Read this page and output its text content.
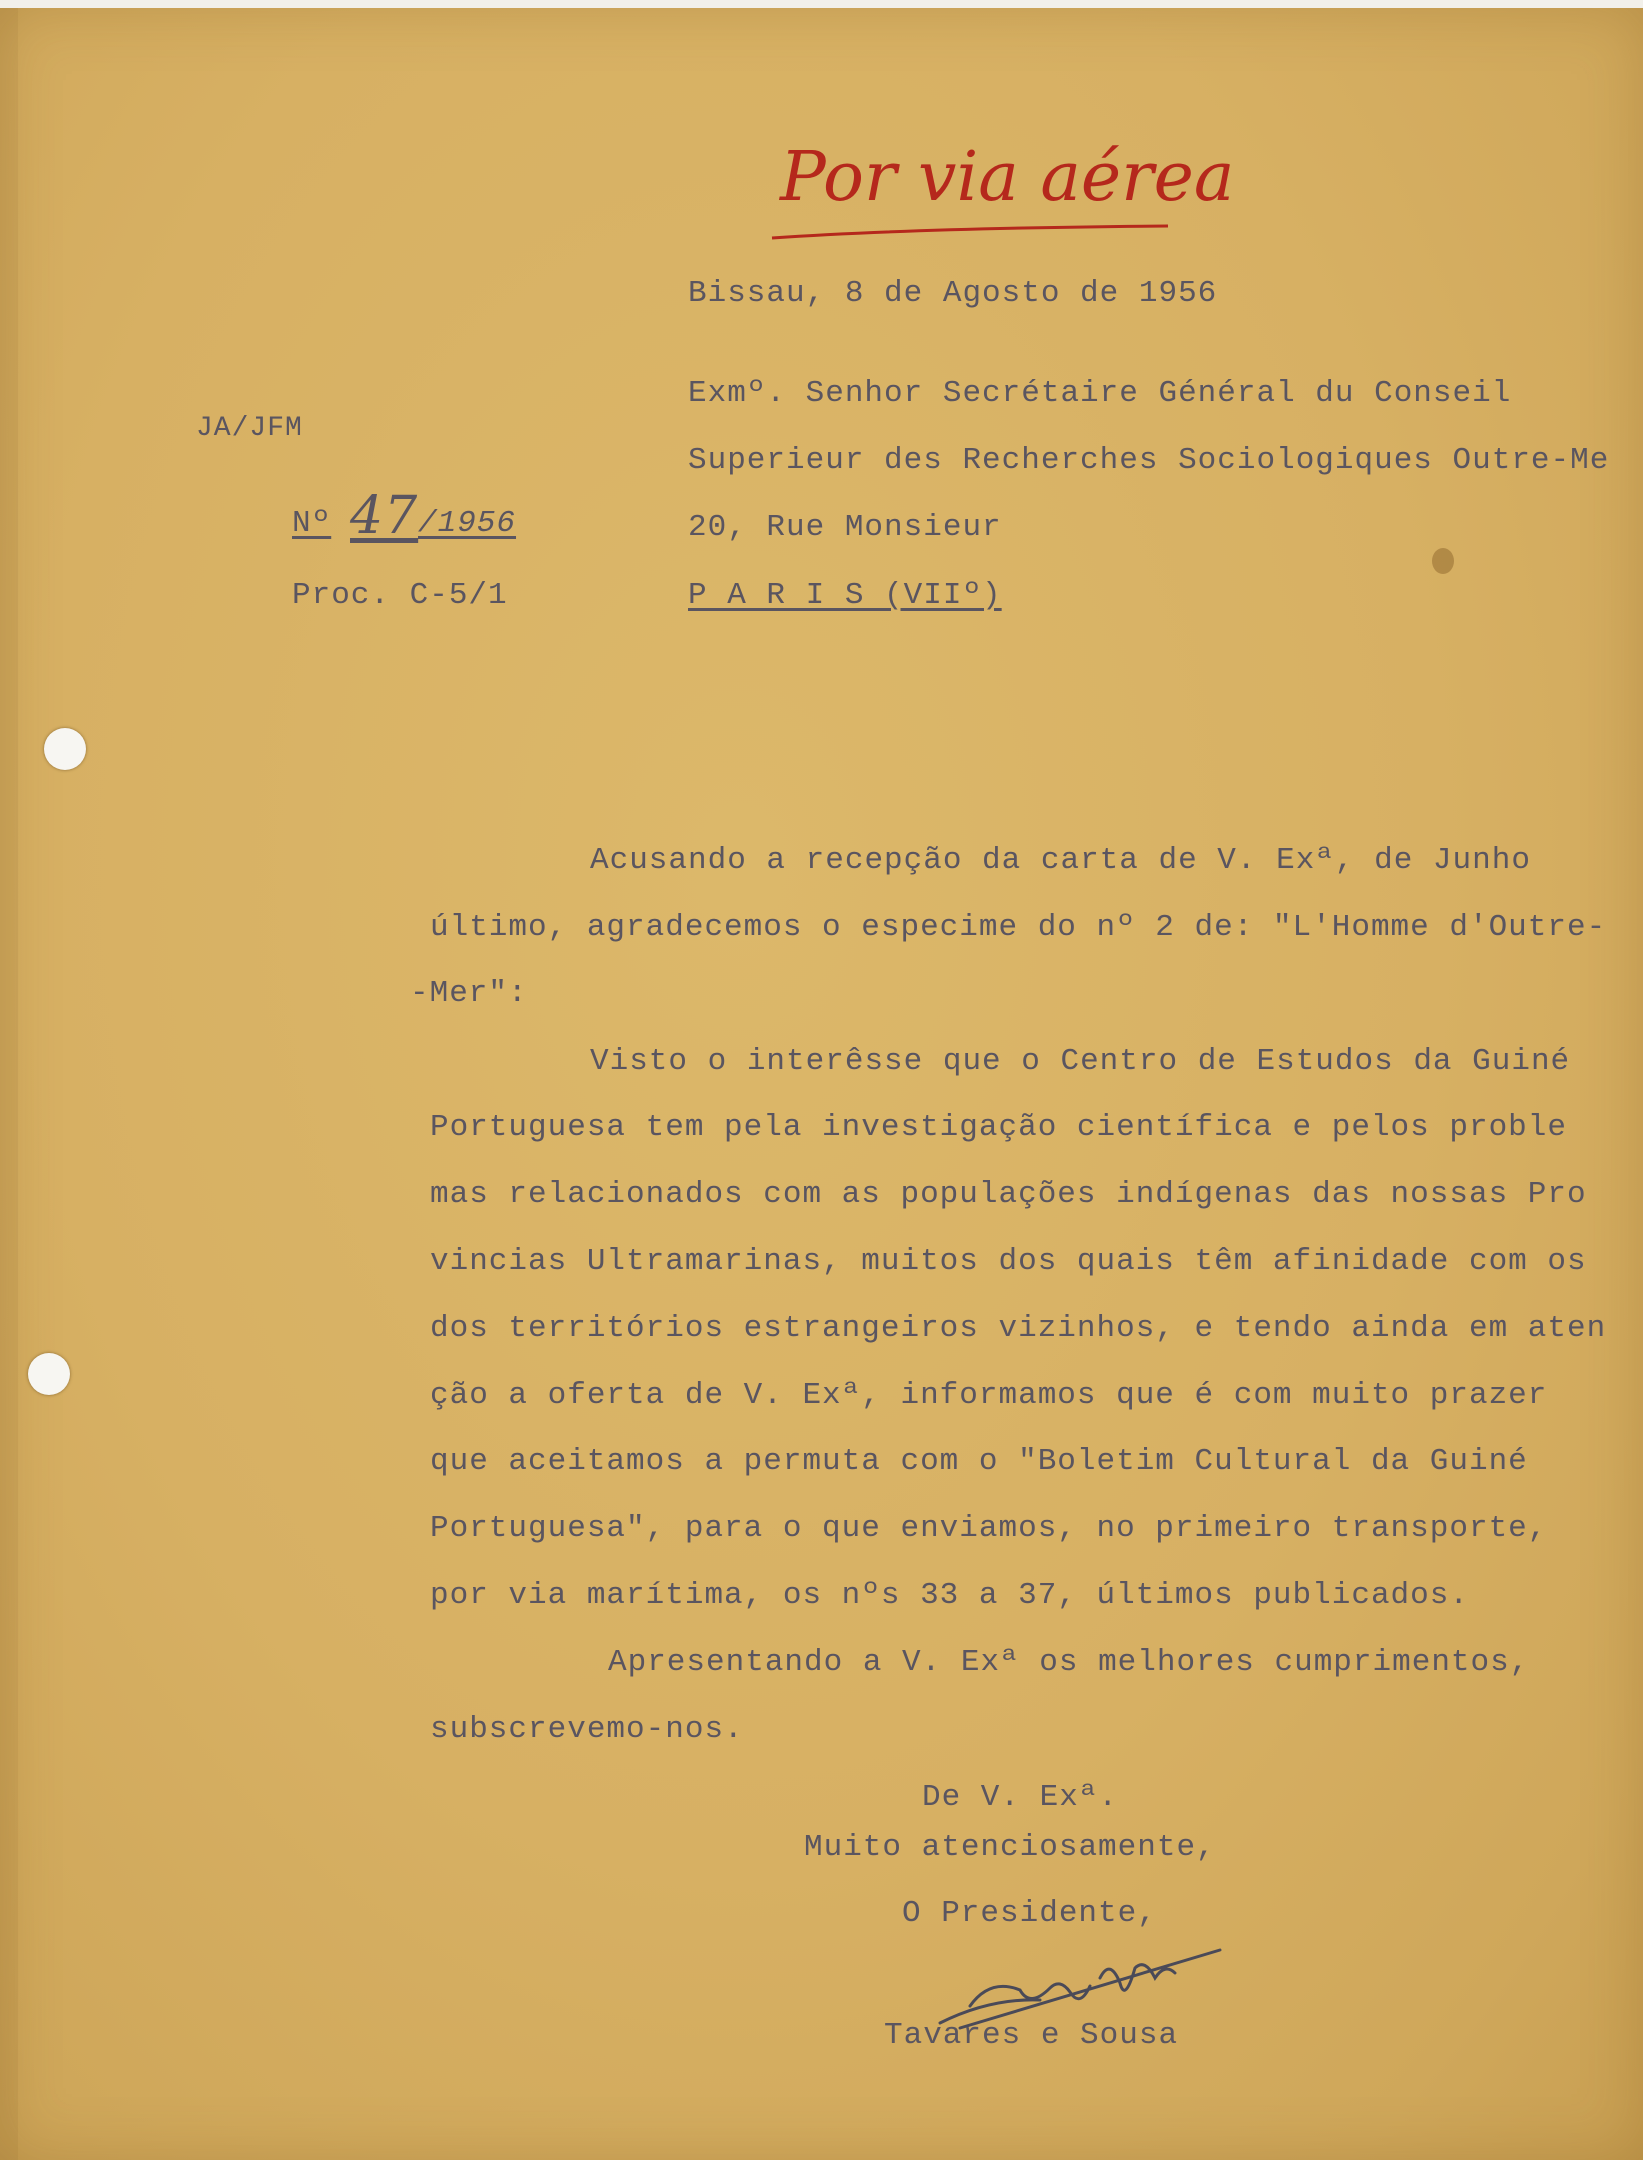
Por via aérea
Bissau, 8 de Agosto de 1956
JA/JFM
Nº 47 /1956
Proc. C-5/1
Exmº. Senhor Secrétaire Général du Conseil
Superieur des Recherches Sociologiques Outre-Me
20, Rue Monsieur
P A R I S (VIIº)
Acusando a recepção da carta de V. Exª, de Junho
último, agradecemos o especime do nº 2 de: "L'Homme d'Outre-
-Mer":
Visto o interêsse que o Centro de Estudos da Guiné
Portuguesa tem pela investigação científica e pelos proble
mas relacionados com as populações indígenas das nossas Pro
vincias Ultramarinas, muitos dos quais têm afinidade com os
dos territórios estrangeiros vizinhos, e tendo ainda em aten
ção a oferta de V. Exª, informamos que é com muito prazer
que aceitamos a permuta com o "Boletim Cultural da Guiné
Portuguesa", para o que enviamos, no primeiro transporte,
por via marítima, os nºs 33 a 37, últimos publicados.
Apresentando a V. Exª os melhores cumprimentos,
subscrevemo-nos.
De V. Exª.
Muito atenciosamente,
O Presidente,
Tavares e Sousa
